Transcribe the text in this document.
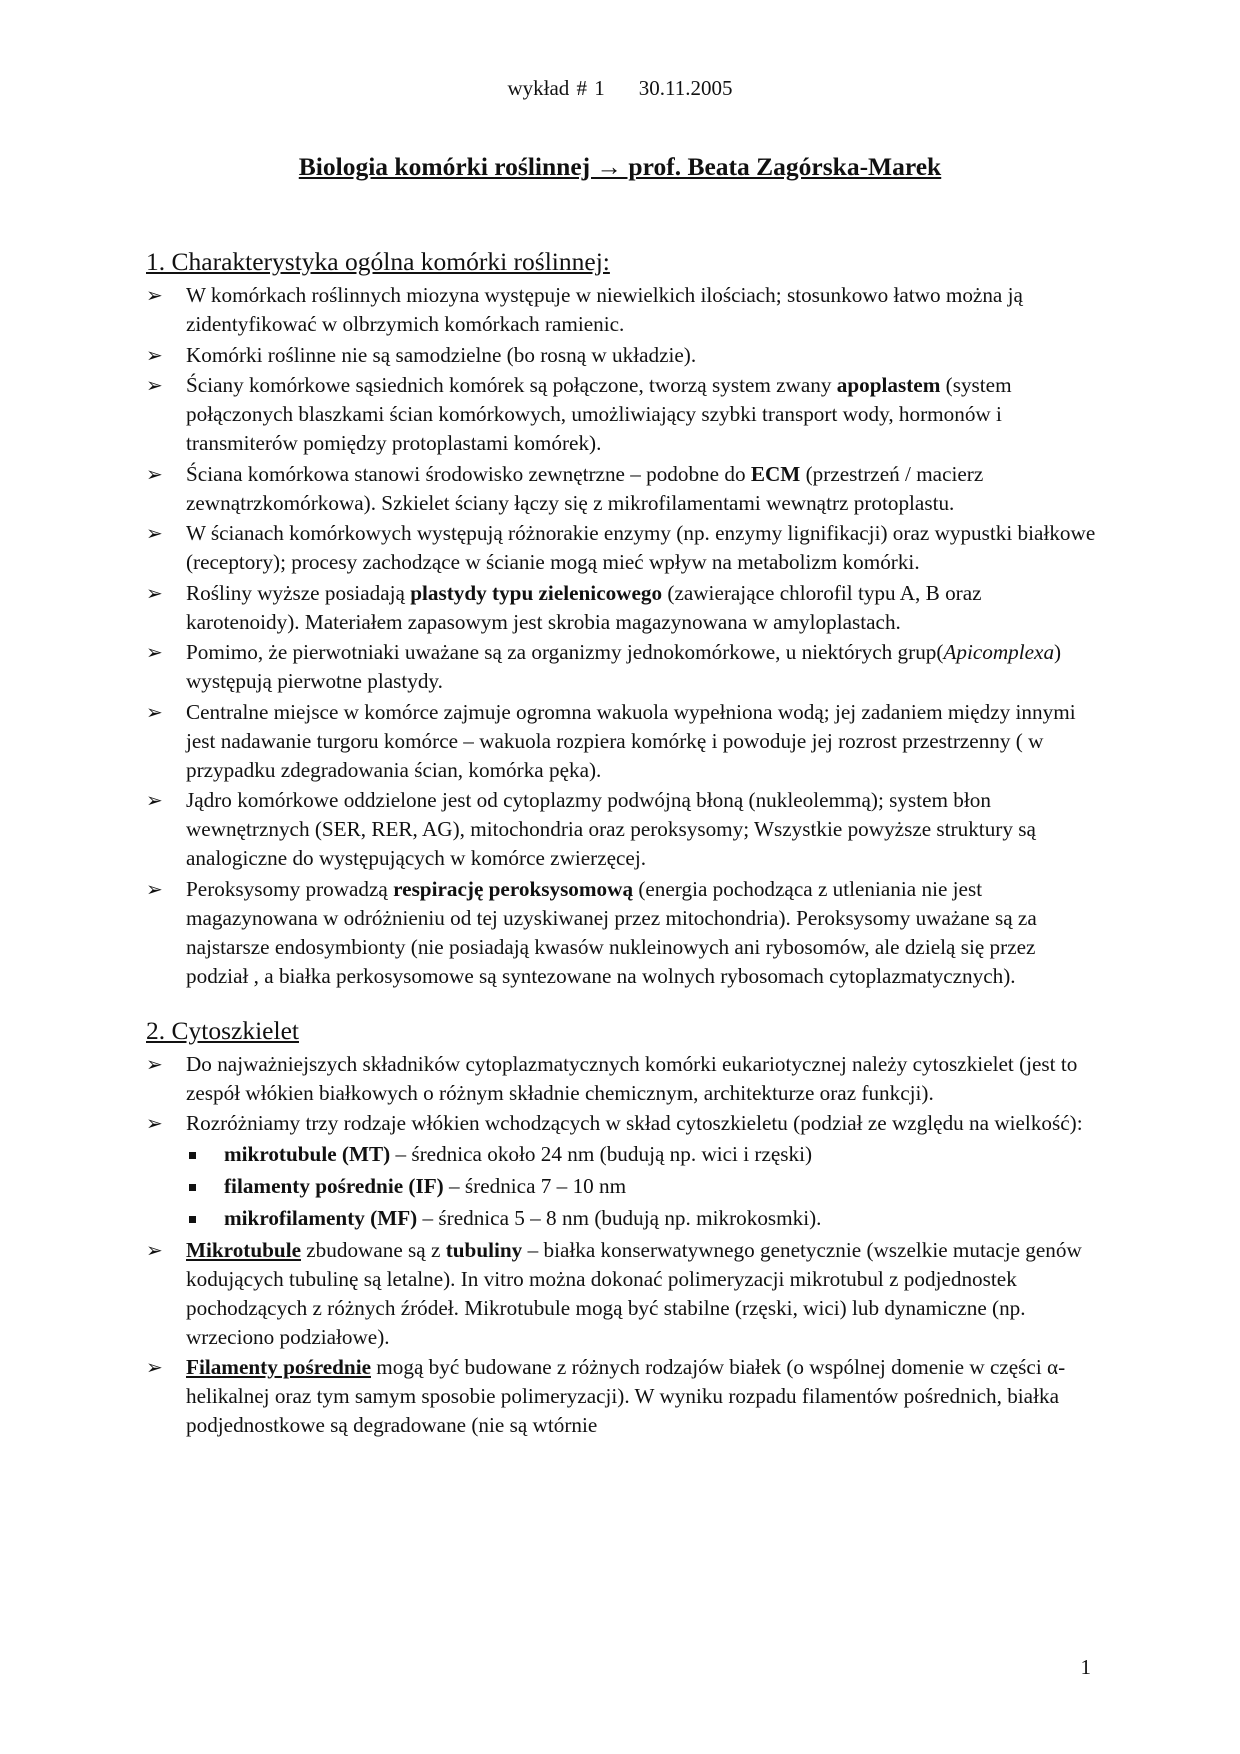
wykład # 1 30.11.2005
Biologia komórki roślinnej → prof. Beata Zagórska-Marek
1. Charakterystyka ogólna komórki roślinnej:
➢ W komórkach roślinnych miozyna występuje w niewielkich ilościach; stosunkowo łatwo można ją zidentyfikować w olbrzymich komórkach ramienic.
➢ Komórki roślinne nie są samodzielne (bo rosną w układzie).
➢ Ściany komórkowe sąsiednich komórek są połączone, tworzą system zwany apoplastem (system połączonych blaszkami ścian komórkowych, umożliwiający szybki transport wody, hormonów i transmiterów pomiędzy protoplastami komórek).
➢ Ściana komórkowa stanowi środowisko zewnętrzne – podobne do ECM (przestrzeń / macierz zewnątrzkomórkowa). Szkielet ściany łączy się z mikrofilamentami wewnątrz protoplastu.
➢ W ścianach komórkowych występują różnorakie enzymy (np. enzymy lignifikacji) oraz wypustki białkowe (receptory); procesy zachodzące w ścianie mogą mieć wpływ na metabolizm komórki.
➢ Rośliny wyższe posiadają plastydy typu zielenicowego (zawierające chlorofil typu A, B oraz karotenoidy). Materiałem zapasowym jest skrobia magazynowana w amyloplastach.
➢ Pomimo, że pierwotniaki uważane są za organizmy jednokomórkowe, u niektórych grup(Apicomplexa) występują pierwotne plastydy.
➢ Centralne miejsce w komórce zajmuje ogromna wakuola wypełniona wodą; jej zadaniem między innymi jest nadawanie turgoru komórce – wakuola rozpiera komórkę i powoduje jej rozrost przestrzenny ( w przypadku zdegradowania ścian, komórka pęka).
➢ Jądro komórkowe oddzielone jest od cytoplazmy podwójną błoną (nukleolemmą); system błon wewnętrznych (SER, RER, AG), mitochondria oraz peroksysomy; Wszystkie powyższe struktury są analogiczne do występujących w komórce zwierzęcej.
➢ Peroksysomy prowadzą respirację peroksysomową (energia pochodząca z utleniania nie jest magazynowana w odróżnieniu od tej uzyskiwanej przez mitochondria). Peroksysomy uważane są za najstarsze endosymbionty (nie posiadają kwasów nukleinowych ani rybosomów, ale dzielą się przez podział , a białka perkosysomowe są syntezowane na wolnych rybosomach cytoplazmatycznych).
2. Cytoszkielet
➢ Do najważniejszych składników cytoplazmatycznych komórki eukariotycznej należy cytoszkielet (jest to zespół włókien białkowych o różnym składnie chemicznym, architekturze oraz funkcji).
➢ Rozróżniamy trzy rodzaje włókien wchodzących w skład cytoszkieletu (podział ze względu na wielkość):
mikrotubule (MT) – średnica około 24 nm (budują np. wici i rzęski)
filamenty pośrednie (IF) – średnica 7 – 10 nm
mikrofilamenty (MF) – średnica 5 – 8 nm (budują np. mikrokosmki).
➢ Mikrotubule zbudowane są z tubuliny – białka konserwatywnego genetycznie (wszelkie mutacje genów kodujących tubulinę są letalne). In vitro można dokonać polimeryzacji mikrotubul z podjednostek pochodzących z różnych źródeł. Mikrotubule mogą być stabilne (rzęski, wici) lub dynamiczne (np. wrzeciono podziałowe).
➢ Filamenty pośrednie mogą być budowane z różnych rodzajów białek (o wspólnej domenie w części α-helikalnej oraz tym samym sposobie polimeryzacji). W wyniku rozpadu filamentów pośrednich, białka podjednostkowe są degradowane (nie są wtórnie
1
